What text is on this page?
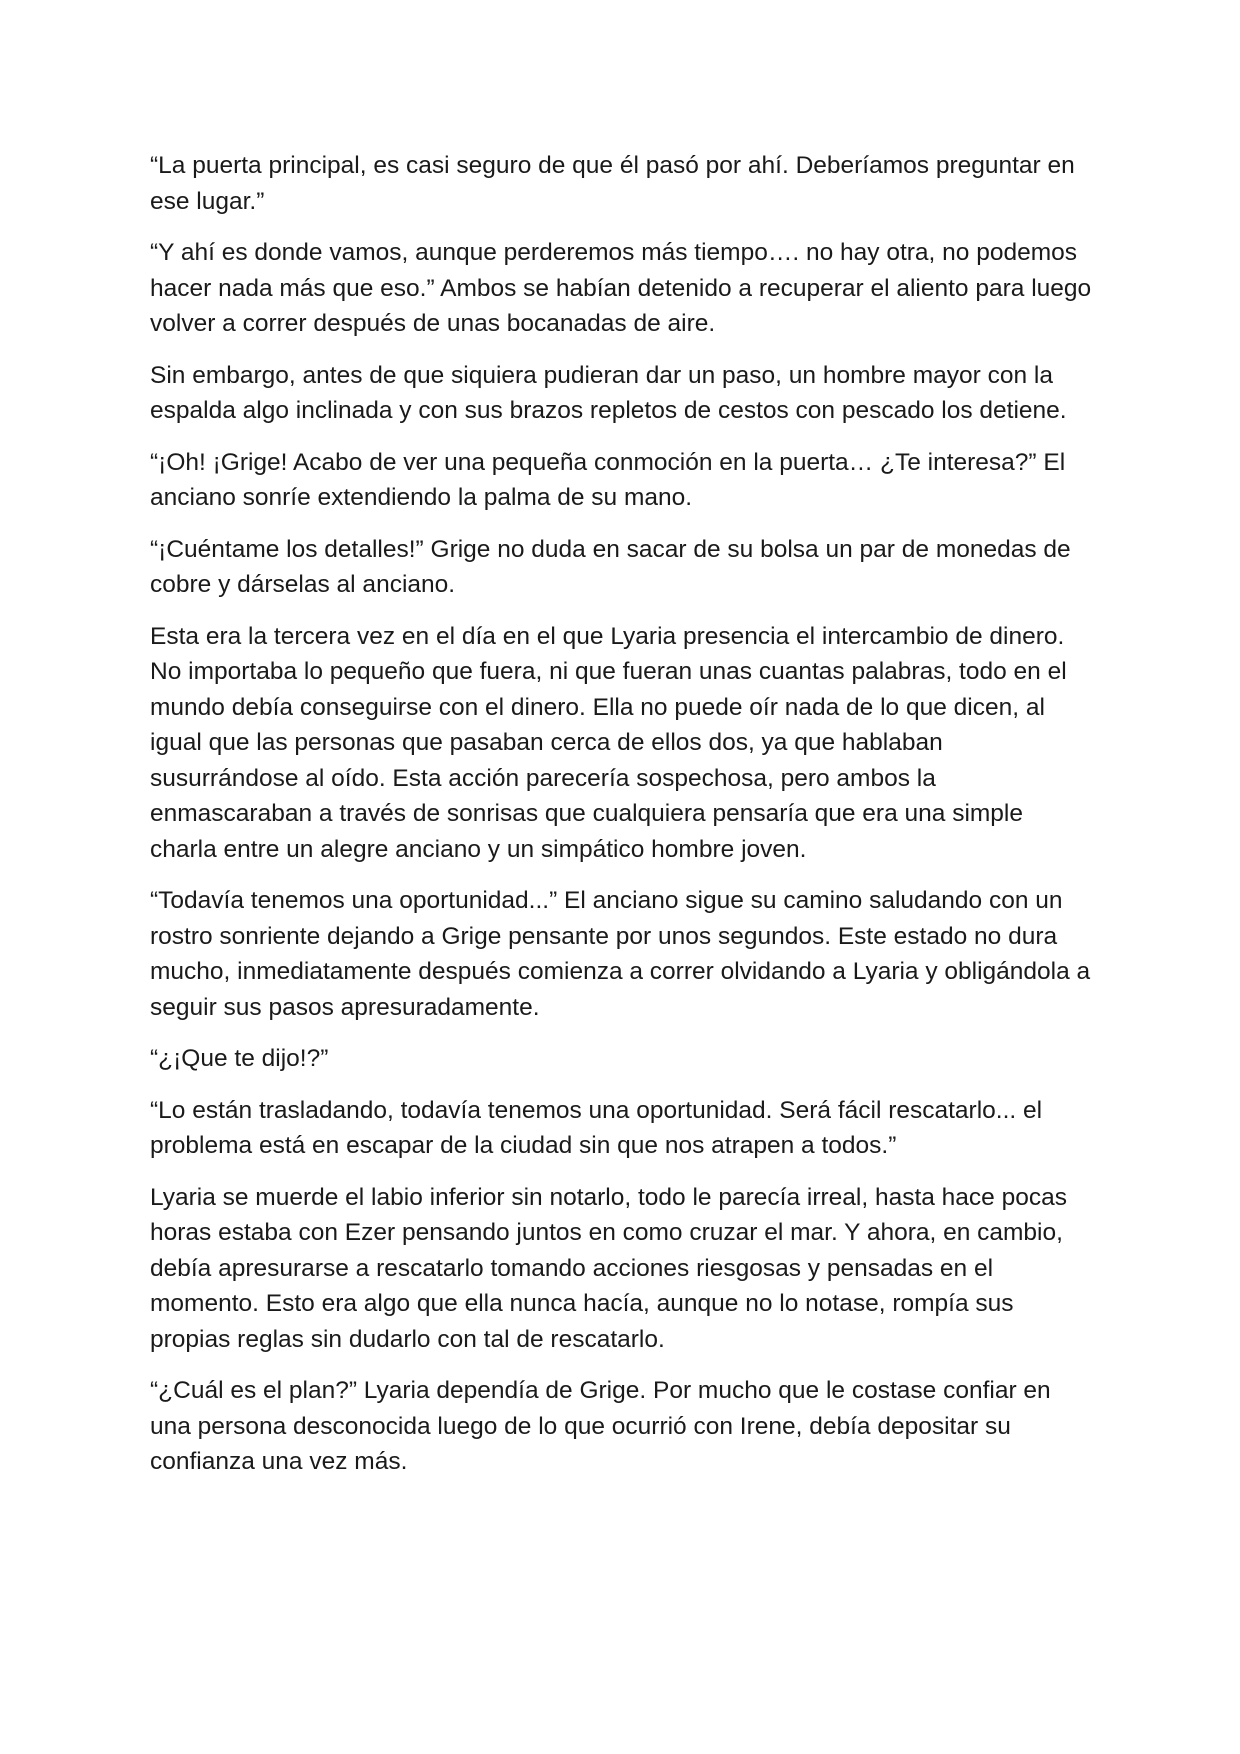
“La puerta principal, es casi seguro de que él pasó por ahí. Deberíamos preguntar en ese lugar.”

“Y ahí es donde vamos, aunque perderemos más tiempo…. no hay otra, no podemos hacer nada más que eso.” Ambos se habían detenido a recuperar el aliento para luego volver a correr después de unas bocanadas de aire.

Sin embargo, antes de que siquiera pudieran dar un paso, un hombre mayor con la espalda algo inclinada y con sus brazos repletos de cestos con pescado los detiene.

“¡Oh! ¡Grige! Acabo de ver una pequeña conmoción en la puerta… ¿Te interesa?” El anciano sonríe extendiendo la palma de su mano.

“¡Cuéntame los detalles!” Grige no duda en sacar de su bolsa un par de monedas de cobre y dárselas al anciano.

Esta era la tercera vez en el día en el que Lyaria presencia el intercambio de dinero. No importaba lo pequeño que fuera, ni que fueran unas cuantas palabras, todo en el mundo debía conseguirse con el dinero. Ella no puede oír nada de lo que dicen, al igual que las personas que pasaban cerca de ellos dos, ya que hablaban susurrándose al oído. Esta acción parecería sospechosa, pero ambos la enmascaraban a través de sonrisas que cualquiera pensaría que era una simple charla entre un alegre anciano y un simpático hombre joven.

“Todavía tenemos una oportunidad...” El anciano sigue su camino saludando con un rostro sonriente dejando a Grige pensante por unos segundos. Este estado no dura mucho, inmediatamente después comienza a correr olvidando a Lyaria y obligándola a seguir sus pasos apresuradamente.

“¿¡Que te dijo!?”

“Lo están trasladando, todavía tenemos una oportunidad. Será fácil rescatarlo... el problema está en escapar de la ciudad sin que nos atrapen a todos.”

Lyaria se muerde el labio inferior sin notarlo, todo le parecía irreal, hasta hace pocas horas estaba con Ezer pensando juntos en como cruzar el mar. Y ahora, en cambio, debía apresurarse a rescatarlo tomando acciones riesgosas y pensadas en el momento. Esto era algo que ella nunca hacía, aunque no lo notase, rompía sus propias reglas sin dudarlo con tal de rescatarlo.

“¿Cuál es el plan?” Lyaria dependía de Grige. Por mucho que le costase confiar en una persona desconocida luego de lo que ocurrió con Irene, debía depositar su confianza una vez más.
